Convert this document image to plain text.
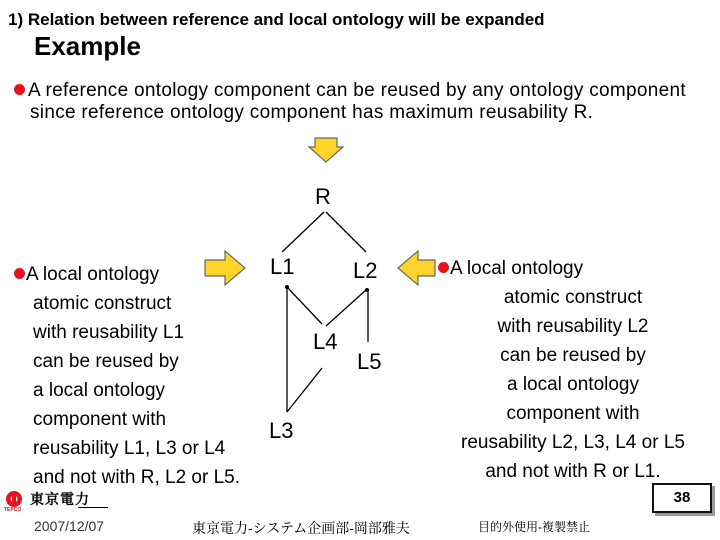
1) Relation between reference and local ontology will be expanded
Example
A reference ontology component can be reused by any ontology component
since reference ontology component has maximum reusability R.
R
L1	L2
L4
L5
L3
A local ontology
atomic construct
with reusability L1
can be reused by
a local ontology
component with
reusability L1, L3 or L4
and not with R, L2 or L5.
A local ontology
atomic construct
with reusability L2
can be reused by
a local ontology
component with
reusability L2, L3, L4 or L5
and not with R or L1.
東京電力
TEPCO
2007/12/07	東京電力-システム企画部-岡部雅夫	目的外使用-複製禁止
38
